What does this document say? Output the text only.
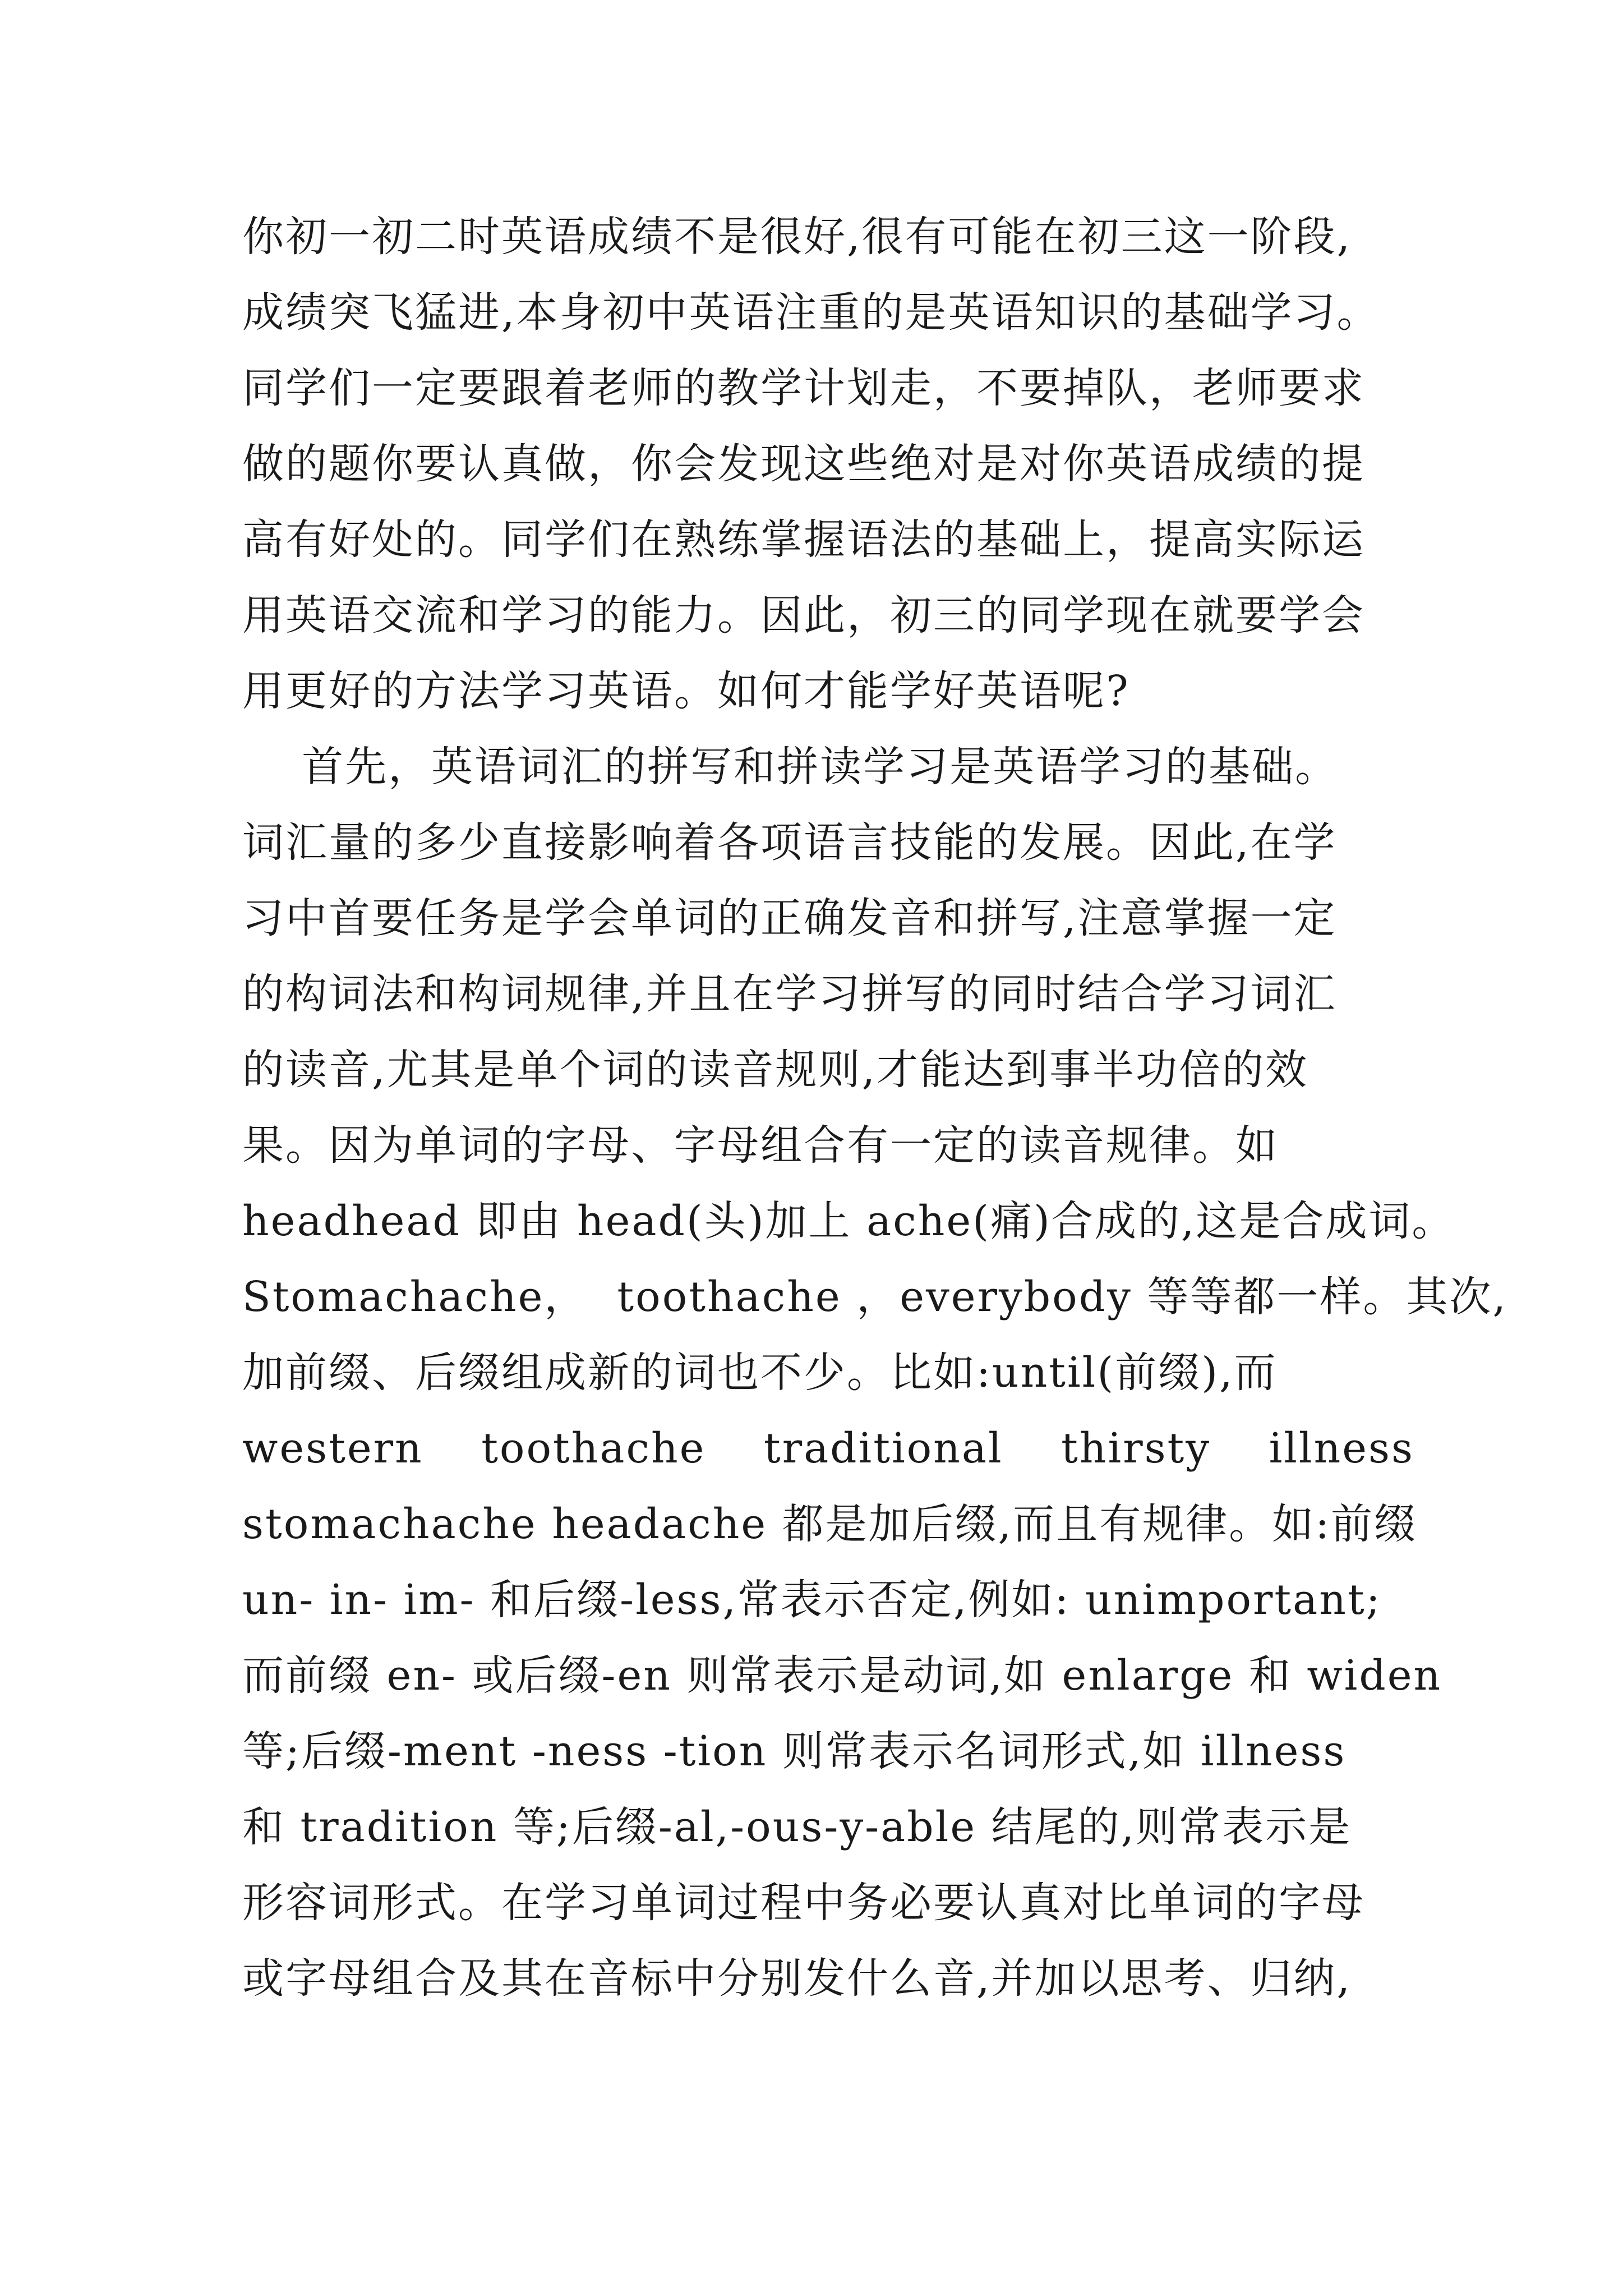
你初一初二时英语成绩不是很好,很有可能在初三这一阶段,
成绩突飞猛进,本身初中英语注重的是英语知识的基础学习。
同学们一定要跟着老师的教学计划走，不要掉队，老师要求
做的题你要认真做，你会发现这些绝对是对你英语成绩的提
高有好处的。同学们在熟练掌握语法的基础上，提高实际运
用英语交流和学习的能力。因此，初三的同学现在就要学会
用更好的方法学习英语。如何才能学好英语呢?
首先，英语词汇的拼写和拼读学习是英语学习的基础。
词汇量的多少直接影响着各项语言技能的发展。因此,在学
习中首要任务是学会单词的正确发音和拼写,注意掌握一定
的构词法和构词规律,并且在学习拼写的同时结合学习词汇
的读音,尤其是单个词的读音规则,才能达到事半功倍的效
果。因为单词的字母、字母组合有一定的读音规律。如
headhead 即由 head(头)加上 ache(痛)合成的,这是合成词。
Stomachache，  toothache ，everybody 等等都一样。其次,
加前缀、后缀组成新的词也不少。比如:until(前缀),而
western toothache traditional thirsty illness
stomachache headache 都是加后缀,而且有规律。如:前缀
un- in- im- 和后缀-less,常表示否定,例如: unimportant;
而前缀 en- 或后缀-en 则常表示是动词,如 enlarge 和 widen
等;后缀-ment -ness -tion 则常表示名词形式,如 illness
和 tradition 等;后缀-al,-ous-y-able 结尾的,则常表示是
形容词形式。在学习单词过程中务必要认真对比单词的字母
或字母组合及其在音标中分别发什么音,并加以思考、归纳,
